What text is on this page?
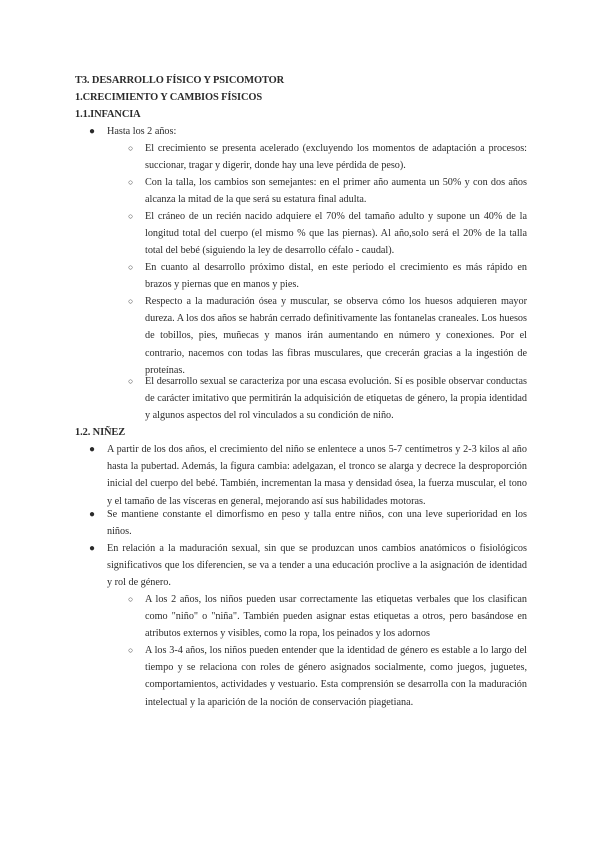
T3. DESARROLLO FÍSICO Y PSICOMOTOR
1.CRECIMIENTO Y CAMBIOS FÍSICOS
1.1.INFANCIA
● Hasta los 2 años:
○ El crecimiento se presenta acelerado (excluyendo los momentos de adaptación a procesos: succionar, tragar y digerir, donde hay una leve pérdida de peso).
○ Con la talla, los cambios son semejantes: en el primer año aumenta un 50% y con dos años alcanza la mitad de la que será su estatura final adulta.
○ El cráneo de un recién nacido adquiere el 70% del tamaño adulto y supone un 40% de la longitud total del cuerpo (el mismo % que las piernas). Al año,solo será el 20% de la talla total del bebé (siguiendo la ley de desarrollo céfalo - caudal).
○ En cuanto al desarrollo próximo distal, en este periodo el crecimiento es más rápido en brazos y piernas que en manos y pies.
○ Respecto a la maduración ósea y muscular, se observa cómo los huesos adquieren mayor dureza. A los dos años se habrán cerrado definitivamente las fontanelas craneales. Los huesos de tobillos, pies, muñecas y manos irán aumentando en número y conexiones. Por el contrario, nacemos con todas las fibras musculares, que crecerán gracias a la ingestión de proteínas.
○ El desarrollo sexual se caracteriza por una escasa evolución. Sí es posible observar conductas de carácter imitativo que permitirán la adquisición de etiquetas de género, la propia identidad y algunos aspectos del rol vinculados a su condición de niño.
1.2. NIÑEZ
● A partir de los dos años, el crecimiento del niño se enlentece a unos 5-7 centímetros y 2-3 kilos al año hasta la pubertad. Además, la figura cambia: adelgazan, el tronco se alarga y decrece la desproporción inicial del cuerpo del bebé. También, incrementan la masa y densidad ósea, la fuerza muscular, el tono y el tamaño de las vísceras en general, mejorando así sus habilidades motoras.
● Se mantiene constante el dimorfismo en peso y talla entre niños, con una leve superioridad en los niños.
● En relación a la maduración sexual, sin que se produzcan unos cambios anatómicos o fisiológicos significativos que los diferencien, se va a tender a una educación proclive a la asignación de identidad y rol de género.
○ A los 2 años, los niños pueden usar correctamente las etiquetas verbales que los clasifican como "niño" o "niña". También pueden asignar estas etiquetas a otros, pero basándose en atributos externos y visibles, como la ropa, los peinados y los adornos
○ A los 3-4 años, los niños pueden entender que la identidad de género es estable a lo largo del tiempo y se relaciona con roles de género asignados socialmente, como juegos, juguetes, comportamientos, actividades y vestuario. Esta comprensión se desarrolla con la maduración intelectual y la aparición de la noción de conservación piagetiana.
